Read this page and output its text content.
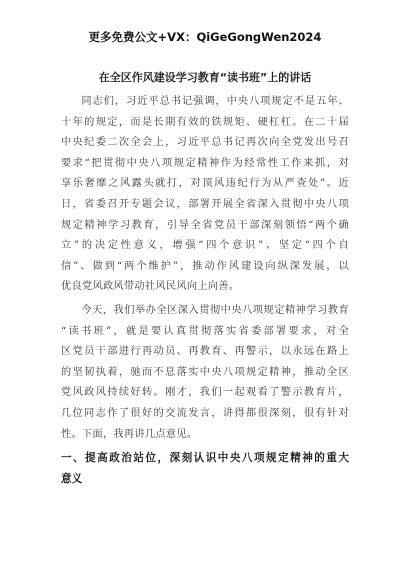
更多免费公文+VX：QiGeGongWen2024
在全区作风建设学习教育“读书班”上的讲话

同志们，习近平总书记强调，中央八项规定不是五年、

十年的规定，而是长期有效的铁规矩、硬杠杠。在二十届

中央纪委二次全会上，习近平总书记再次向全党发出号召

要求“把贯彻中央八项规定精神作为经常性工作来抓，对

享乐奢靡之风露头就打，对顶风违纪行为从严查处”。近

日，省委召开专题会议，部署开展全省深入贯彻中央八项

规定精神学习教育，引导全省党员干部深刻领悟“两个确

立”的决定性意义，增强“四个意识”、坚定“四个自

信”、做到“两个维护”，推动作风建设向纵深发展，以

优良党风政风带动社风民风向上向善。

今天，我们举办全区深入贯彻中央八项规定精神学习教育

“读书班”，就是要认真贯彻落实省委部署要求，对全

区党员干部进行再动员、再教育、再警示，以永远在路上

的坚韧执着，驰而不息落实中央八项规定精神，推动全区

党风政风持续好转。刚才，我们一起观看了警示教育片，

几位同志作了很好的交流发言，讲得都很深刻，很有针对

性。下面，我再讲几点意见。

一、提高政治站位，深刻认识中央八项规定精神的重大

意义
